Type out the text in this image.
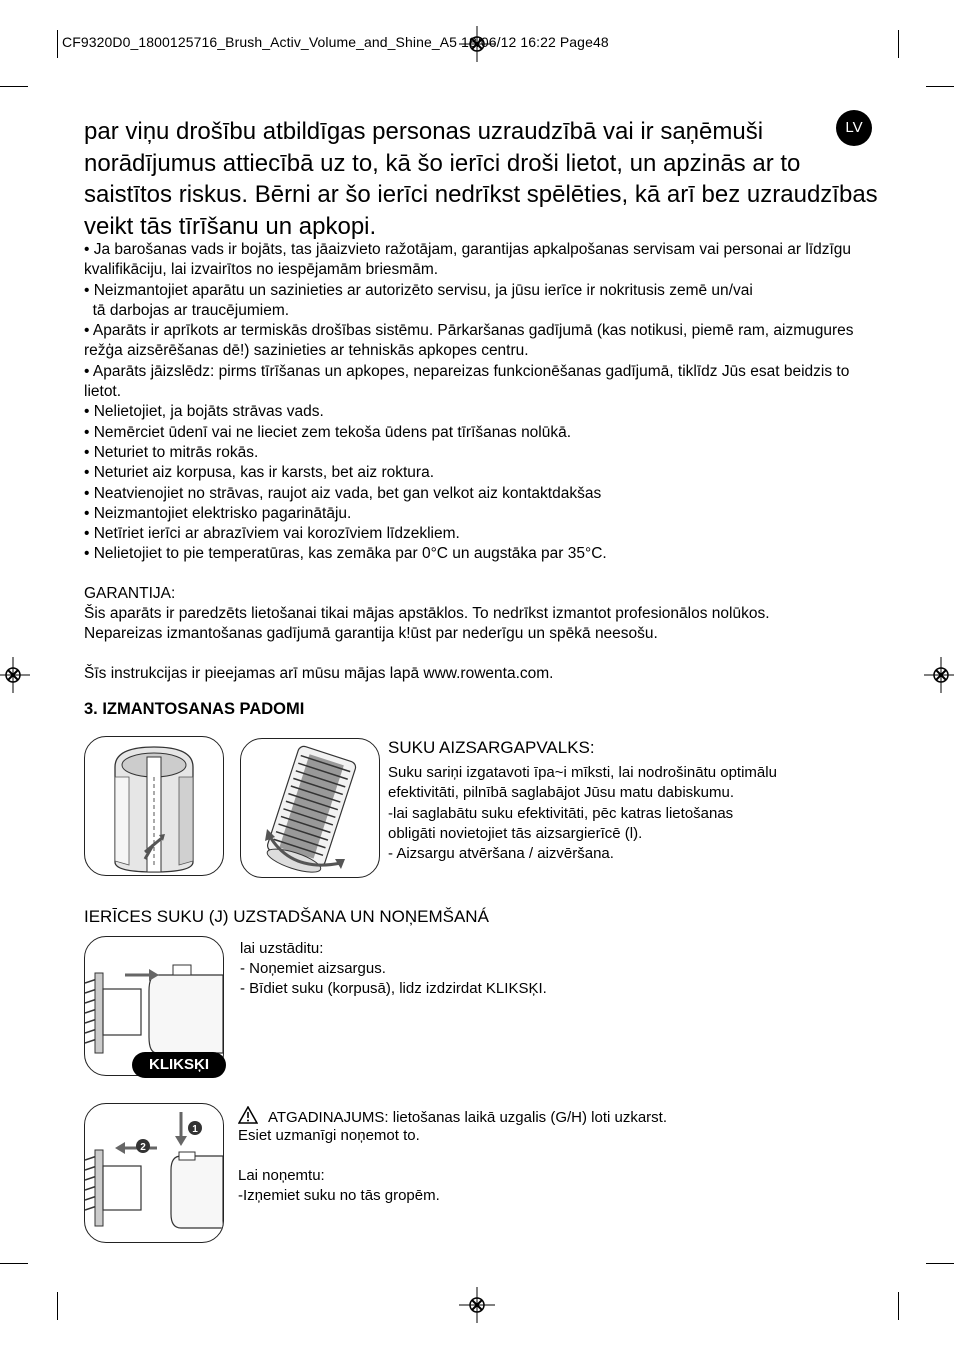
CF9320D0_1800125716_Brush_Activ_Volume_and_Shine_A5 18/06/12 16:22 Page48
LV

par viņu drošību atbildīgas personas uzraudzībā vai ir saņēmuši norādījumus attiecībā uz to, kā šo ierīci droši lietot, un apzinās ar to saistītos riskus. Bērni ar šo ierīci nedrīkst spēlēties, kā arī bez uzraudzības veikt tās tīrīšanu un apkopi.

• Ja barošanas vads ir bojāts, tas jāaizvieto ražotājam, garantijas apkalpošanas servisam vai personai ar līdzīgu kvalifikāciju, lai izvairītos no iespējamām briesmām.
• Neizmantojiet aparātu un sazinieties ar autorizēto servisu, ja jūsu ierīce ir nokritusis zemē un/vai
tā darbojas ar traucējumiem.
• Aparāts ir aprīkots ar termiskās drošības sistēmu. Pārkaršanas gadījumā (kas notikusi, piemē ram, aizmugures režģa aizsērēšanas dē!) sazinieties ar tehniskās apkopes centru.
• Aparāts jāizslēdz: pirms tīrīšanas un apkopes, nepareizas funkcionēšanas gadījumā, tiklīdz Jūs esat beidzis to lietot.
• Nelietojiet, ja bojāts strāvas vads.
• Nemērciet ūdenī vai ne lieciet zem tekoša ūdens pat tīrīšanas nolūkā.
• Neturiet to mitrās rokās.
• Neturiet aiz korpusa, kas ir karsts, bet aiz roktura.
• Neatvienojiet no strāvas, raujot aiz vada, bet gan velkot aiz kontaktdakšas
• Neizmantojiet elektrisko pagarinātāju.
• Netīriet ierīci ar abrazīviem vai korozīviem līdzekliem.
• Nelietojiet to pie temperatūras, kas zemāka par 0°C un augstāka par 35°C.

GARANTIJA:

Šis aparāts ir paredzēts lietošanai tikai mājas apstāklos. To nedrīkst izmantot profesionālos nolūkos.

Nepareizas izmantošanas gadījumā garantija k!ūst par nederīgu un spēkā neesošu.

Šīs instrukcijas ir pieejamas arī mūsu mājas lapā www.rowenta.com.

3. IZMANTOSANAS PADOMI

SUKU AIZSARGAPVALKS:

Suku sariņi izgatavoti īpa~i mīksti, lai nodrošinātu optimālu

efektivitāti, pilnībā saglabājot Jūsu matu dabiskumu.

-lai saglabātu suku efektivitāti, pēc katras lietošanas

obligāti novietojiet tās aizsargierīcē (l).

- Aizsargu atvēršana / aizvēršana.

IERĪCES SUKU (J) UZSTADŠANA UN NOŅEMŠANÁ

KLIKSĶI

lai uzstāditu:

- Noņemiet aizsargus.

- Bīdiet suku (korpusā), lidz izdzirdat KLIKSĶI.

1
2
ATGADINAJUMS: lietošanas laikā uzgalis (G/H) loti uzkarst.

Esiet uzmanīgi noņemot to.

Lai noņemtu:

-Izņemiet suku no tās gropēm.
